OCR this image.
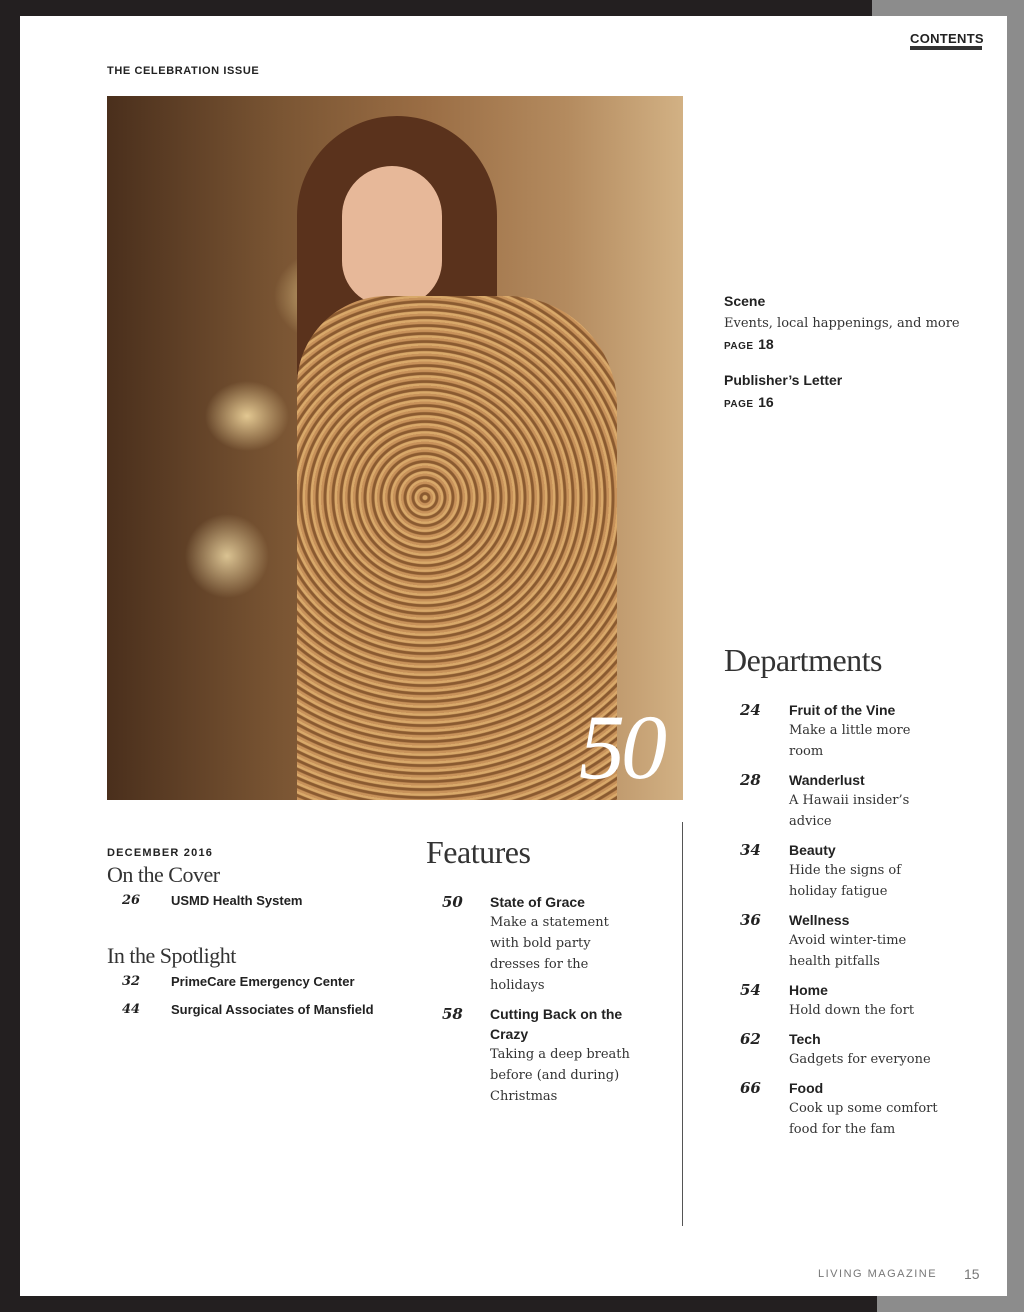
CONTENTS
THE CELEBRATION ISSUE
50
Scene
Events, local happenings, and more
PAGE 18
Publisher’s Letter
PAGE 16
Departments
24 Fruit of the Vine
Make a little more room
28 Wanderlust
A Hawaii insider’s advice
34 Beauty
Hide the signs of holiday fatigue
36 Wellness
Avoid winter-time health pitfalls
54 Home
Hold down the fort
62 Tech
Gadgets for everyone
66 Food
Cook up some comfort food for the fam
Features
50 State of Grace
Make a statement with bold party dresses for the holidays
58 Cutting Back on the Crazy
Taking a deep breath before (and during) Christmas
DECEMBER 2016
On the Cover
26 USMD Health System
In the Spotlight
32 PrimeCare Emergency Center
44 Surgical Associates of Mansfield
LIVING MAGAZINE 15
